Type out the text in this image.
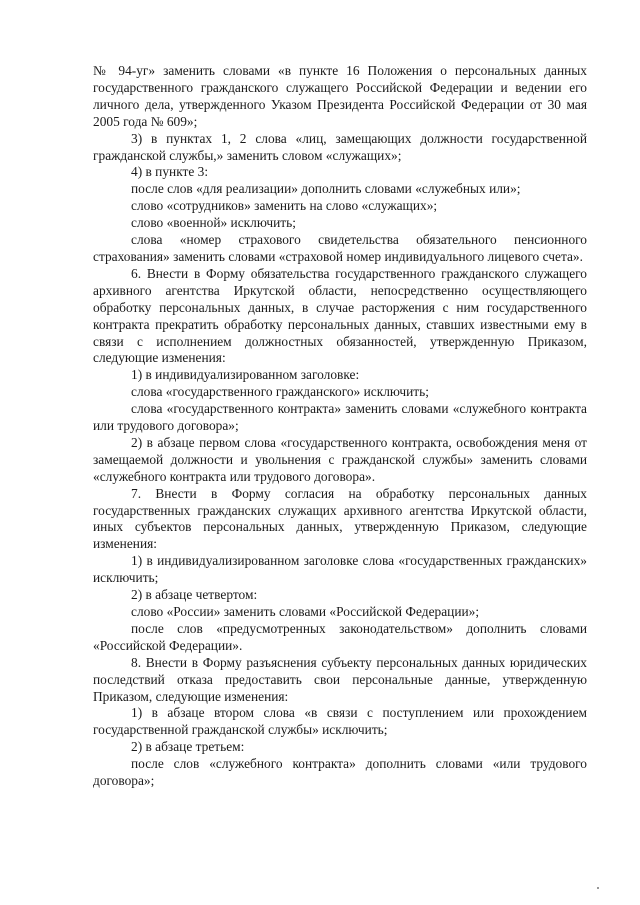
№ 94-уг» заменить словами «в пункте 16 Положения о персональных данных государственного гражданского служащего Российской Федерации и ведении его личного дела, утвержденного Указом Президента Российской Федерации от 30 мая 2005 года № 609»;

3) в пунктах 1, 2 слова «лиц, замещающих должности государственной гражданской службы,» заменить словом «служащих»;

4) в пункте 3:

после слов «для реализации» дополнить словами «служебных или»;

слово «сотрудников» заменить на слово «служащих»;

слово «военной» исключить;

слова «номер страхового свидетельства обязательного пенсионного страхования» заменить словами «страховой номер индивидуального лицевого счета».

6. Внести в Форму обязательства государственного гражданского служащего архивного агентства Иркутской области, непосредственно осуществляющего обработку персональных данных, в случае расторжения с ним государственного контракта прекратить обработку персональных данных, ставших известными ему в связи с исполнением должностных обязанностей, утвержденную Приказом, следующие изменения:

1) в индивидуализированном заголовке:

слова «государственного гражданского» исключить;

слова «государственного контракта» заменить словами «служебного контракта или трудового договора»;

2) в абзаце первом слова «государственного контракта, освобождения меня от замещаемой должности и увольнения с гражданской службы» заменить словами «служебного контракта или трудового договора».

7. Внести в Форму согласия на обработку персональных данных государственных гражданских служащих архивного агентства Иркутской области, иных субъектов персональных данных, утвержденную Приказом, следующие изменения:

1) в индивидуализированном заголовке слова «государственных гражданских» исключить;

2) в абзаце четвертом:

слово «России» заменить словами «Российской Федерации»;

после слов «предусмотренных законодательством» дополнить словами «Российской Федерации».

8. Внести в Форму разъяснения субъекту персональных данных юридических последствий отказа предоставить свои персональные данные, утвержденную Приказом, следующие изменения:

1) в абзаце втором слова «в связи с поступлением или прохождением государственной гражданской службы» исключить;

2) в абзаце третьем:

после слов «служебного контракта» дополнить словами «или трудового договора»;
